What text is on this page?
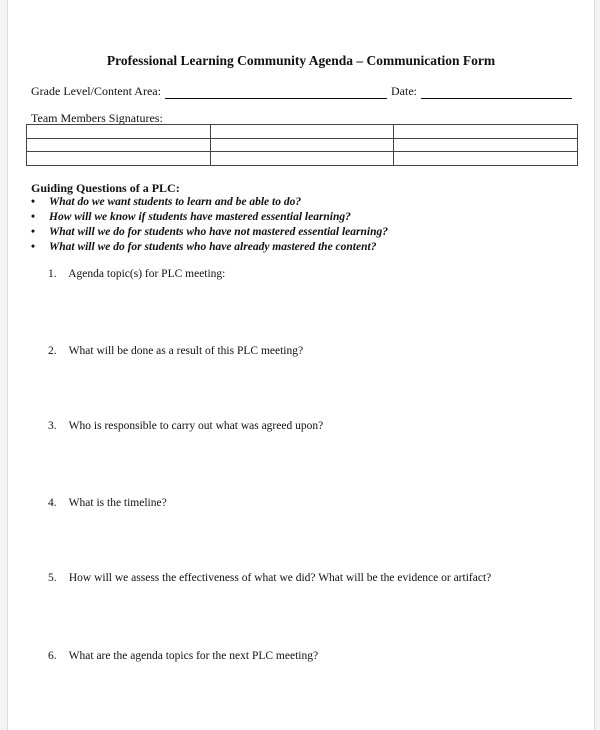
Professional Learning Community Agenda – Communication Form
Grade Level/Content Area:	Date:
Team Members Signatures:

Guiding Questions of a PLC:
• What do we want students to learn and be able to do?
• How will we know if students have mastered essential learning?
• What will we do for students who have not mastered essential learning?
• What will we do for students who have already mastered the content?
1. Agenda topic(s) for PLC meeting:
2. What will be done as a result of this PLC meeting?
3. Who is responsible to carry out what was agreed upon?
4. What is the timeline?
5. How will we assess the effectiveness of what we did? What will be the evidence or artifact?
6. What are the agenda topics for the next PLC meeting?
